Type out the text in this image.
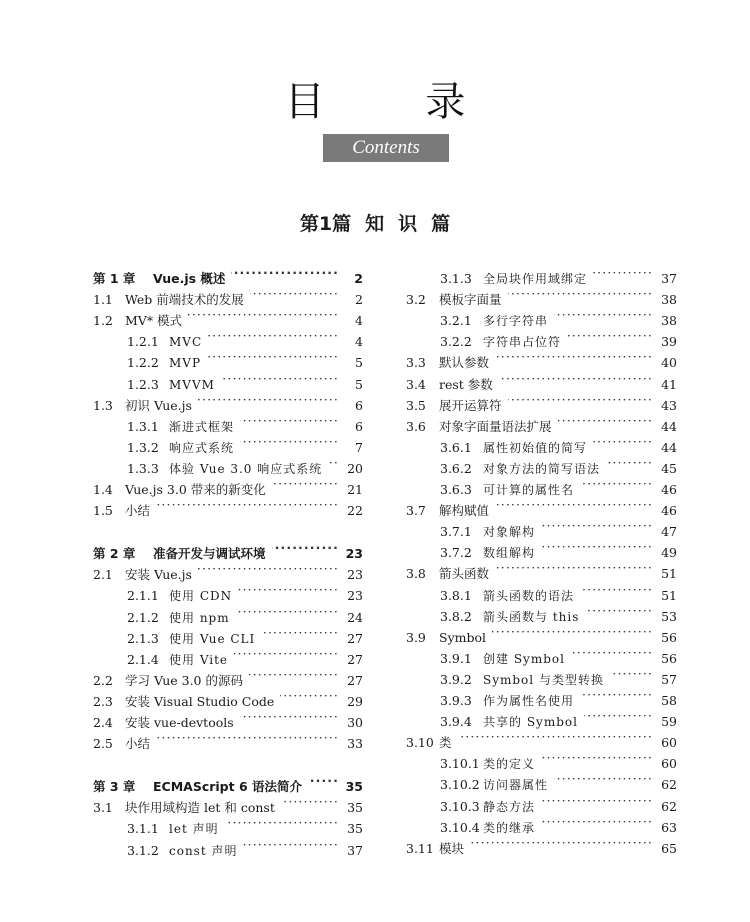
目 录
Contents
第1篇 知 识 篇
第 1 章	Vue.js 概述 ·····	2
1.1 Web 前端技术的发展 ·····	2
1.2 MV* 模式 ·····	4
1.2.1 MVC ·····	4
1.2.2 MVP ·····	5
1.2.3 MVVM ·····	5
1.3 初识 Vue.js ·····	6
1.3.1 渐进式框架 ·····	6
1.3.2 响应式系统 ·····	7
1.3.3 体验 Vue 3.0 响应式系统 ····· 20
1.4 Vue.js 3.0 带来的新变化 ·····	21
1.5 小结 ·····	22
第 2 章	准备开发与调试环境 ·····	23
2.1 安装 Vue.js ·····	23
2.1.1 使用 CDN ·····	23
2.1.2 使用 npm ·····	24
2.1.3 使用 Vue CLI ·····	27
2.1.4 使用 Vite ·····	27
2.2 学习 Vue 3.0 的源码 ·····	27
2.3 安装 Visual Studio Code ·····	29
2.4 安装 vue-devtools ·····	30
2.5 小结 ·····	33
第 3 章	ECMAScript 6 语法简介 ·····	35
3.1 块作用域构造 let 和 const ·····	35
3.1.1 let 声明 ·····	35
3.1.2 const 声明 ·····	37
3.1.3 全局块作用域绑定 ·····	37
3.2	模板字面量 ·····	38
3.2.1 多行字符串 ·····	38
3.2.2 字符串占位符 ·····	39
3.3	默认参数 ·····	40
3.4	rest 参数 ·····	41
3.5	展开运算符 ·····	43
3.6	对象字面量语法扩展 ·····	44
3.6.1 属性初始值的简写 ·····	44
3.6.2 对象方法的简写语法 ·····	45
3.6.3 可计算的属性名 ·····	46
3.7	解构赋值 ·····	46
3.7.1 对象解构 ·····	47
3.7.2 数组解构 ·····	49
3.8	箭头函数 ·····	51
3.8.1 箭头函数的语法 ·····	51
3.8.2 箭头函数与 this ·····	53
3.9	Symbol ·····	56
3.9.1 创建 Symbol ·····	56
3.9.2 Symbol 与类型转换 ·····	57
3.9.3 作为属性名使用 ·····	58
3.9.4 共享的 Symbol ·····	59
3.10 类 ·····	60
3.10.1 类的定义 ·····	60
3.10.2 访问器属性 ·····	62
3.10.3 静态方法 ·····	62
3.10.4 类的继承 ·····	63
3.11 模块 ·····	65
